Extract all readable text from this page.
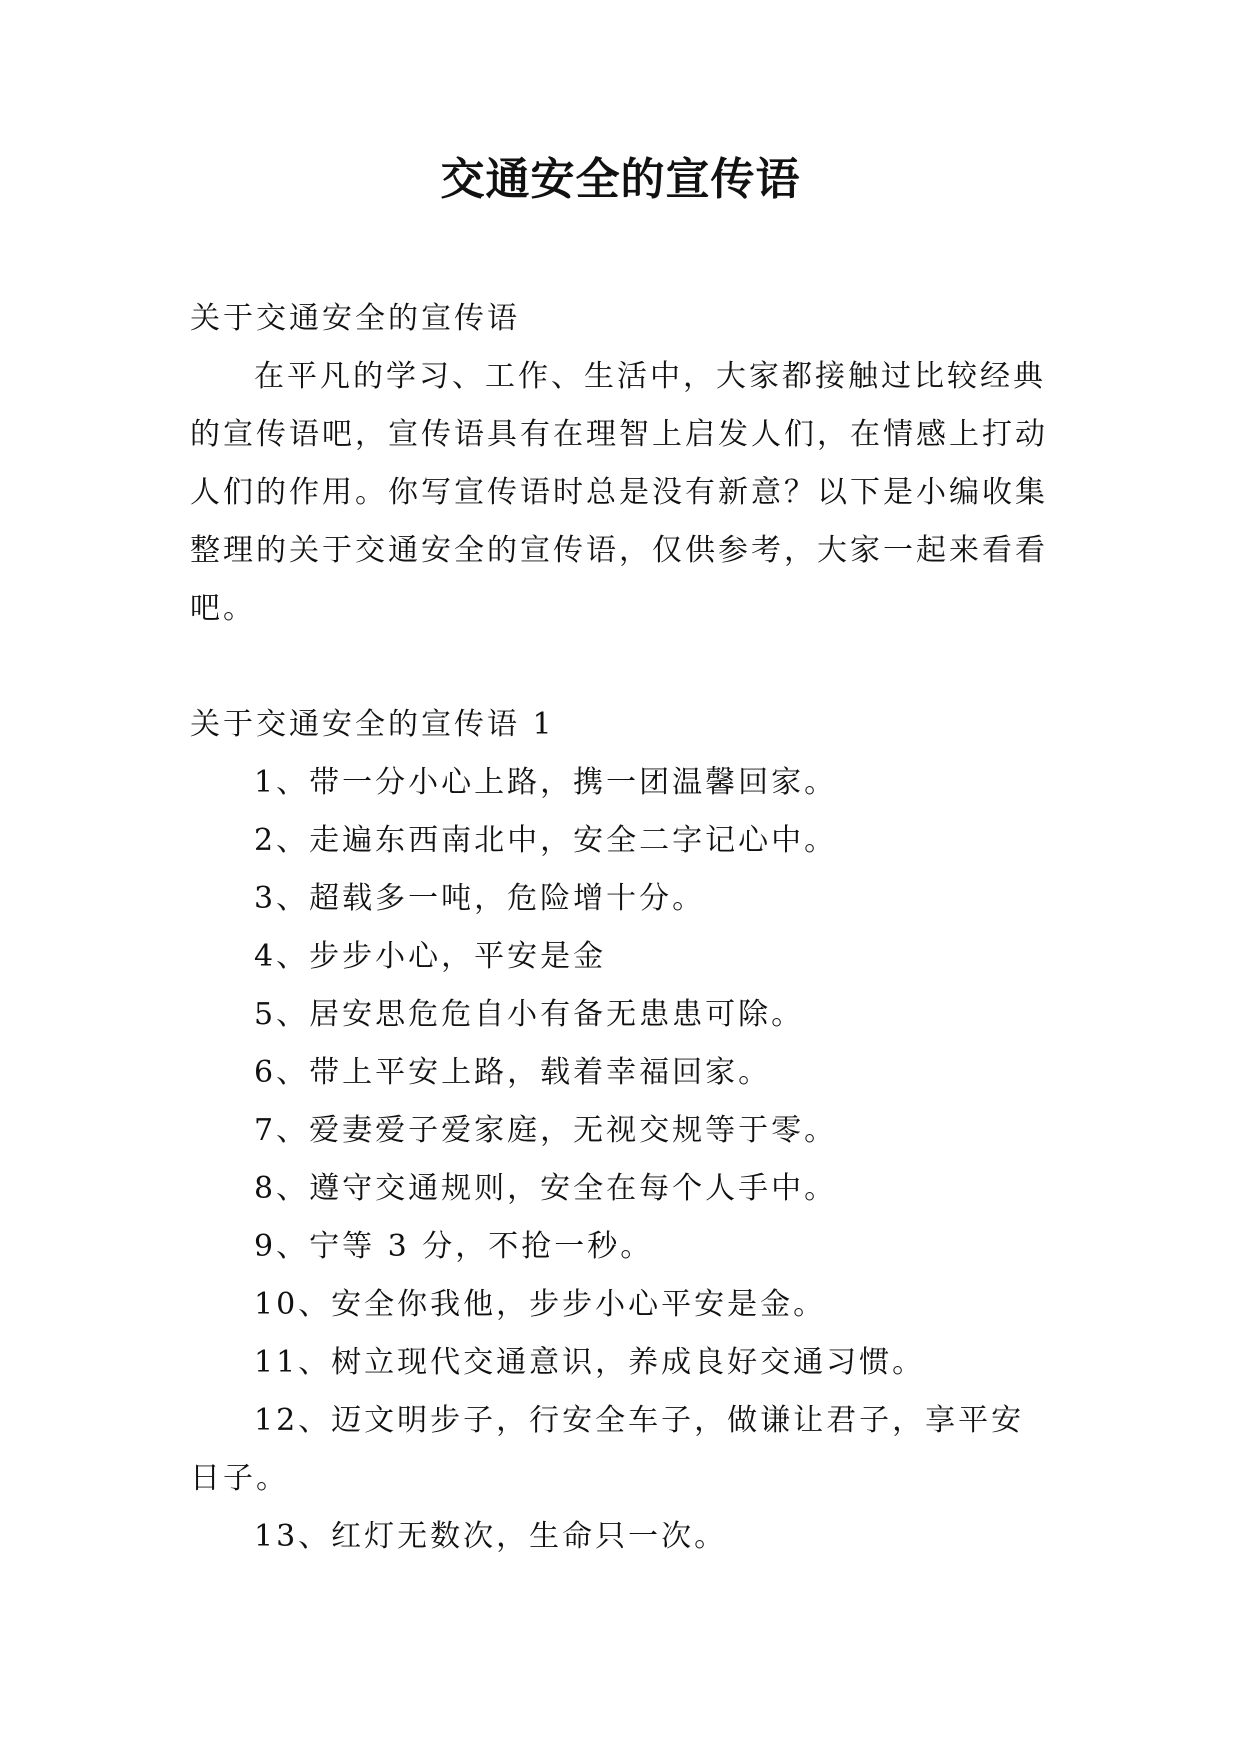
交通安全的宣传语

关于交通安全的宣传语

在平凡的学习、工作、生活中，大家都接触过比较经典的宣传语吧，宣传语具有在理智上启发人们，在情感上打动人们的作用。你写宣传语时总是没有新意？以下是小编收集整理的关于交通安全的宣传语，仅供参考，大家一起来看看吧。

关于交通安全的宣传语 1

1、带一分小心上路，携一团温馨回家。

2、走遍东西南北中，安全二字记心中。

3、超载多一吨，危险增十分。

4、步步小心，平安是金

5、居安思危危自小有备无患患可除。

6、带上平安上路，载着幸福回家。

7、爱妻爱子爱家庭，无视交规等于零。

8、遵守交通规则，安全在每个人手中。

9、宁等 3 分，不抢一秒。

10、安全你我他，步步小心平安是金。

11、树立现代交通意识，养成良好交通习惯。

12、迈文明步子，行安全车子，做谦让君子，享平安日子。

13、红灯无数次，生命只一次。
